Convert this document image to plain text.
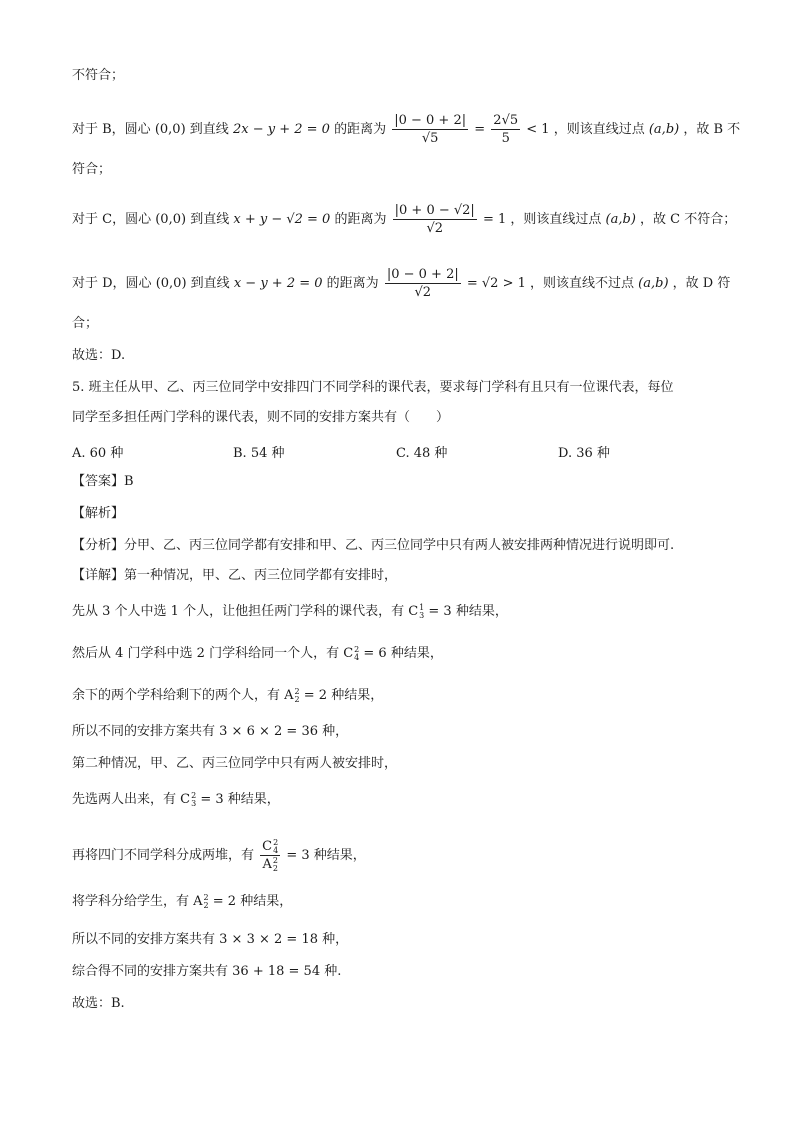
不符合；
对于 B，圆心 (0,0) 到直线 2x − y + 2 = 0 的距离为 $\frac{|0 - 0 + 2|}{√5} = \frac{2√5}{5} < 1$ ，则该直线过点 (a,b) ，故 B 不
符合；
对于 C，圆心 (0,0) 到直线 x + y − √2 = 0 的距离为 $\frac{|0 + 0 - √2|}{√2} = 1$ ，则该直线过点 (a,b) ，故 C 不符合；
对于 D，圆心 (0,0) 到直线 x − y + 2 = 0 的距离为 $\frac{|0 - 0 + 2|}{√2} = √2 > 1$ ，则该直线不过点 (a,b) ，故 D 符
合；
故选：D.
5. 班主任从甲、乙、丙三位同学中安排四门不同学科的课代表，要求每门学科有且只有一位课代表，每位
同学至多担任两门学科的课代表，则不同的安排方案共有（　　）
A. 60 种	B. 54 种	C. 48 种	D. 36 种
【答案】B
【解析】
【分析】分甲、乙、丙三位同学都有安排和甲、乙、丙三位同学中只有两人被安排两种情况进行说明即可.
【详解】第一种情况，甲、乙、丙三位同学都有安排时，
先从 3 个人中选 1 个人，让他担任两门学科的课代表，有 C1
3 = 3 种结果，
然后从 4 门学科中选 2 门学科给同一个人，有 C2
4 = 6 种结果，
余下的两个学科给剩下的两个人，有 A2
2 = 2 种结果，
所以不同的安排方案共有 3 × 6 × 2 = 36 种，
第二种情况，甲、乙、丙三位同学中只有两人被安排时，
先选两人出来，有 C2
3 = 3 种结果，
再将四门不同学科分成两堆，有
C2
4
A2
2
= 3 种结果，
将学科分给学生，有 A2
2 = 2 种结果，
所以不同的安排方案共有 3 × 3 × 2 = 18 种，
综合得不同的安排方案共有 36 + 18 = 54 种.
故选：B.
